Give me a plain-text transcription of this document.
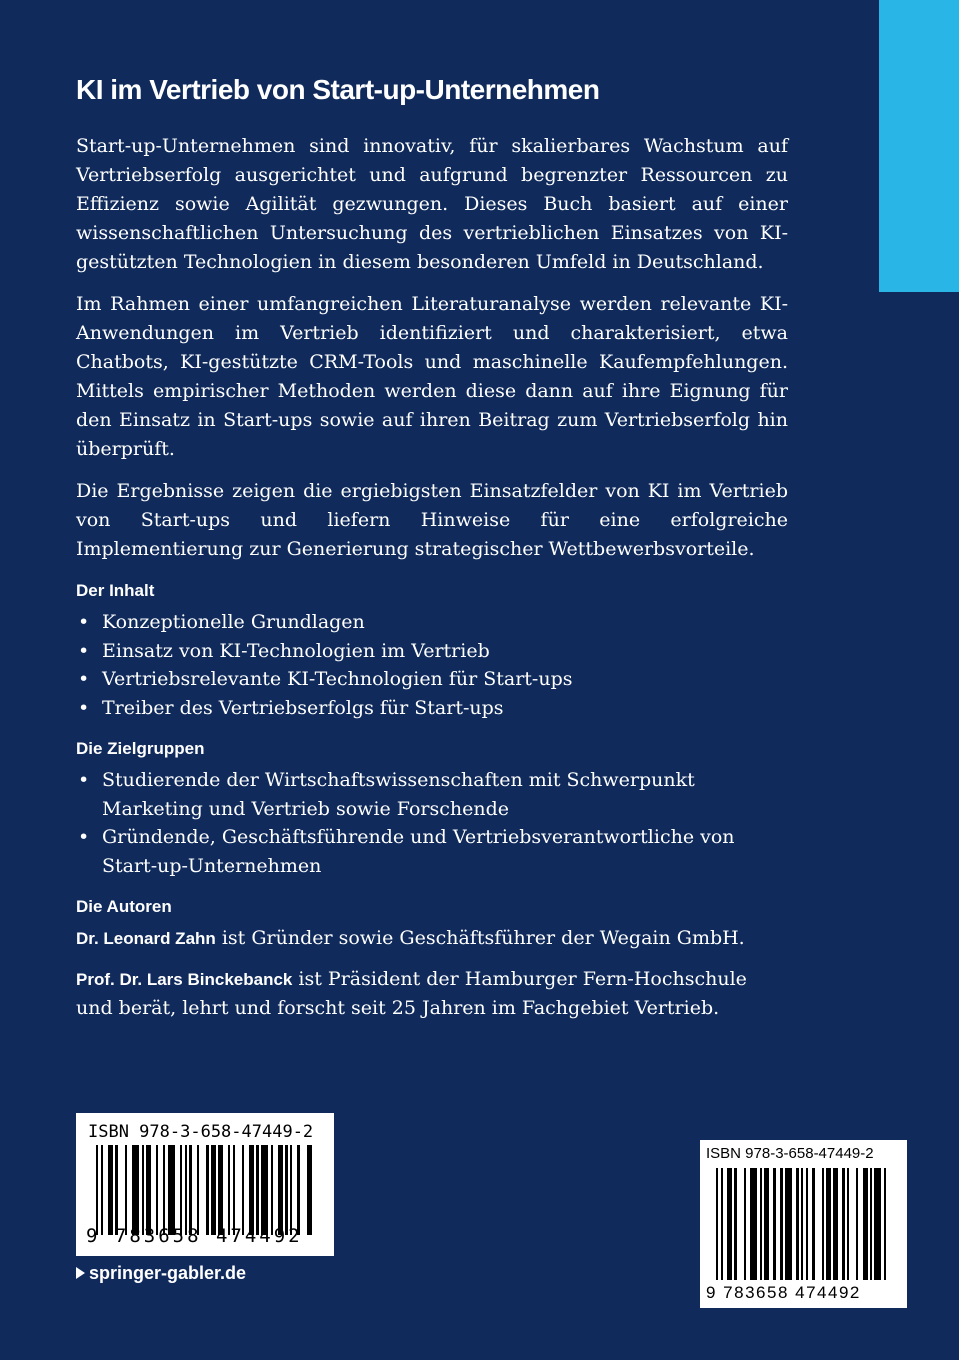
KI im Vertrieb von Start-up-Unternehmen

Start-up-Unternehmen sind innovativ, für skalierbares Wachstum auf Vertriebserfolg ausgerichtet und aufgrund begrenzter Ressourcen zu Effizienz sowie Agilität gezwungen. Dieses Buch basiert auf einer wissenschaftlichen Untersuchung des vertrieblichen Einsatzes von KI-gestützten Technologien in diesem besonderen Umfeld in Deutschland.

Im Rahmen einer umfangreichen Literaturanalyse werden relevante KI-Anwendungen im Vertrieb identifiziert und charakterisiert, etwa Chatbots, KI-gestützte CRM-Tools und maschinelle Kaufempfehlungen. Mittels empirischer Methoden werden diese dann auf ihre Eignung für den Einsatz in Start-ups sowie auf ihren Beitrag zum Vertriebserfolg hin überprüft.

Die Ergebnisse zeigen die ergiebigsten Einsatzfelder von KI im Vertrieb von Start-ups und liefern Hinweise für eine erfolgreiche Implementierung zur Generierung strategischer Wettbewerbsvorteile.

Der Inhalt
• Konzeptionelle Grundlagen
• Einsatz von KI-Technologien im Vertrieb
• Vertriebsrelevante KI-Technologien für Start-ups
• Treiber des Vertriebserfolgs für Start-ups
Die Zielgruppen
• Studierende der Wirtschaftswissenschaften mit Schwerpunkt Marketing und Vertrieb sowie Forschende
• Gründende, Geschäftsführende und Vertriebsverantwortliche von Start-up-Unternehmen
Die Autoren

Dr. Leonard Zahn ist Gründer sowie Geschäftsführer der Wegain GmbH.

Prof. Dr. Lars Binckebanck ist Präsident der Hamburger Fern-Hochschule und berät, lehrt und forscht seit 25 Jahren im Fachgebiet Vertrieb.

ISBN 978-3-658-47449-2
9 783658 474492
springer-gabler.de
ISBN 978-3-658-47449-2
9 783658 474492
